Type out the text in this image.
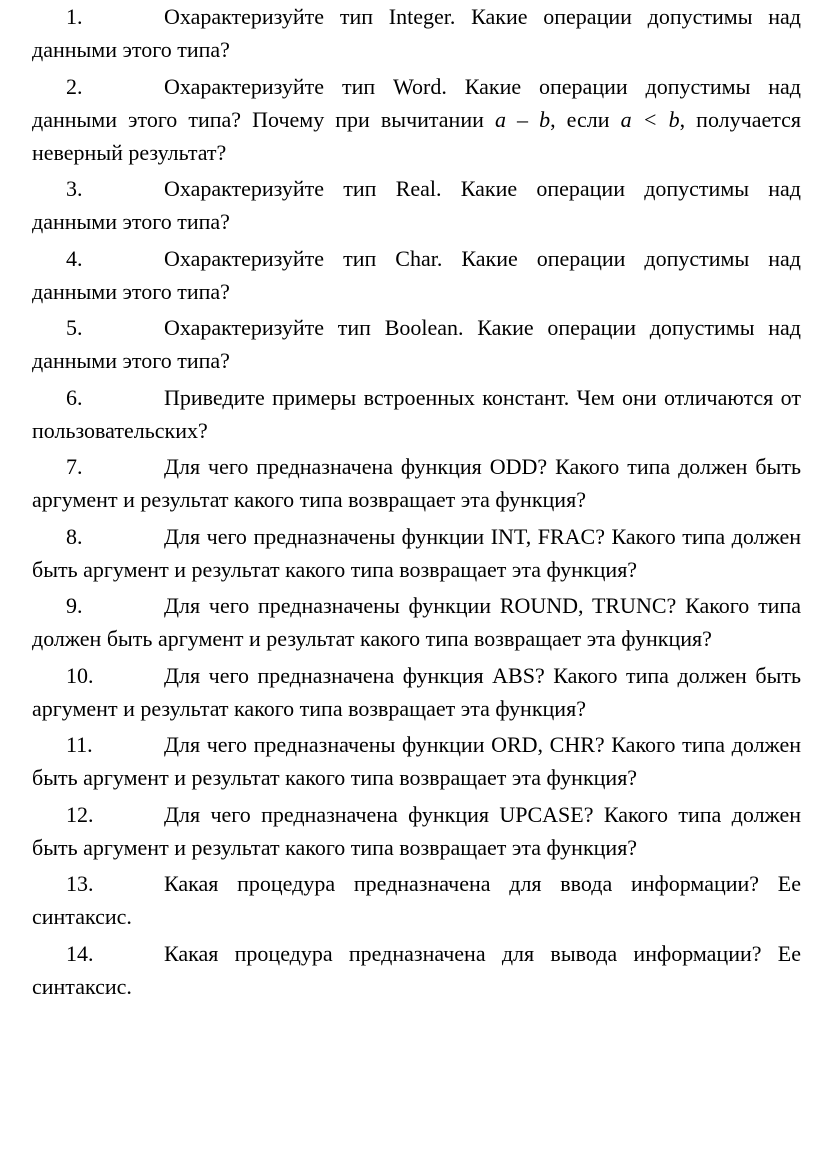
1.	Охарактеризуйте тип Integer. Какие операции допустимы над данными этого типа?

2.	Охарактеризуйте тип Word. Какие операции допустимы над данными этого типа? Почему при вычитании a – b, если a < b, получается неверный результат?

3.	Охарактеризуйте тип Real. Какие операции допустимы над данными этого типа?

4.	Охарактеризуйте тип Char. Какие операции допустимы над данными этого типа?

5.	Охарактеризуйте тип Boolean. Какие операции допустимы над данными этого типа?

6.	Приведите примеры встроенных констант. Чем они отличаются от пользовательских?

7.	Для чего предназначена функция ODD? Какого типа должен быть аргумент и результат какого типа возвращает эта функция?

8.	Для чего предназначены функции INT, FRAC? Какого типа должен быть аргумент и результат какого типа возвращает эта функция?

9.	Для чего предназначены функции ROUND, TRUNC? Какого типа должен быть аргумент и результат какого типа возвращает эта функция?

10.	Для чего предназначена функция ABS? Какого типа должен быть аргумент и результат какого типа возвращает эта функция?

11.	Для чего предназначены функции ORD, CHR? Какого типа должен быть аргумент и результат какого типа возвращает эта функция?

12.	Для чего предназначена функция UPCASE? Какого типа должен быть аргумент и результат какого типа возвращает эта функция?

13.	Какая процедура предназначена для ввода информации? Ее синтаксис.

14.	Какая процедура предназначена для вывода информации? Ее синтаксис.
